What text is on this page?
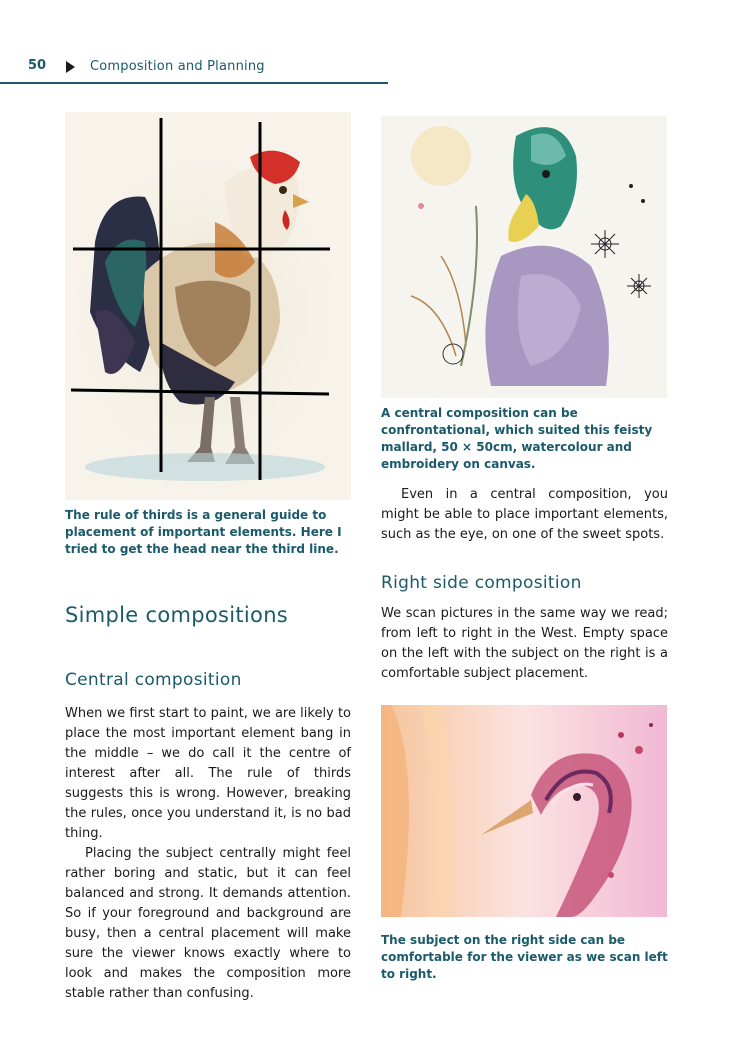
50	Composition and Planning
The rule of thirds is a general guide to placement of important elements. Here I tried to get the head near the third line.
A central composition can be confrontational, which suited this feisty mallard, 50 × 50cm, watercolour and embroidery on canvas.

Even in a central composition, you might be able to place important elements, such as the eye, on one of the sweet spots.

Right side composition

We scan pictures in the same way we read; from left to right in the West. Empty space on the left with the subject on the right is a comfortable subject placement.

The subject on the right side can be comfortable for the viewer as we scan left to right.
Simple compositions
Central composition

When we first start to paint, we are likely to place the most important element bang in the middle – we do call it the centre of interest after all. The rule of thirds suggests this is wrong. However, breaking the rules, once you understand it, is no bad thing.

Placing the subject centrally might feel rather boring and static, but it can feel balanced and strong. It demands attention. So if your foreground and background are busy, then a central placement will make sure the viewer knows exactly where to look and makes the composition more stable rather than confusing.
